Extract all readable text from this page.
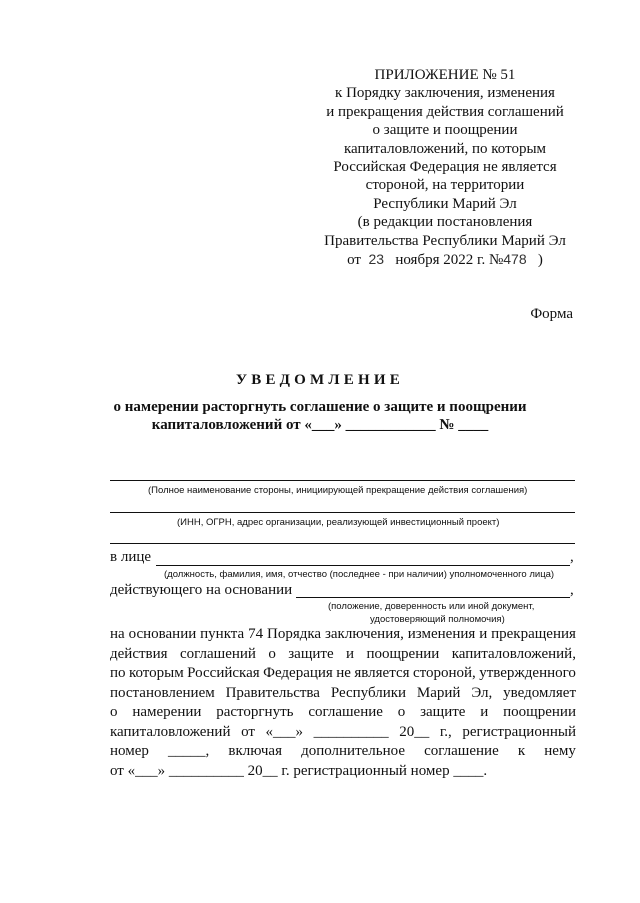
ПРИЛОЖЕНИЕ № 51
к Порядку заключения, изменения
и прекращения действия соглашений
о защите и поощрении
капиталовложений, по которым
Российская Федерация не является
стороной, на территории
Республики Марий Эл
(в редакции постановления
Правительства Республики Марий Эл
от 23 ноября 2022 г. №478 )
Форма
УВЕДОМЛЕНИЕ
о намерении расторгнуть соглашение о защите и поощрении
капиталовложений от «___» ____________ № ____
(Полное наименование стороны, инициирующей прекращение действия соглашения)
(ИНН, ОГРН, адрес организации, реализующей инвестиционный проект)
в лице	,
(должность, фамилия, имя, отчество (последнее - при наличии) уполномоченного лица)
действующего на основании	,
(положение, доверенность или иной документ,
удостоверяющий полномочия)
на основании пункта 74 Порядка заключения, изменения и прекращения
действия соглашений о защите и поощрении капиталовложений,
по которым Российская Федерация не является стороной, утвержденного
постановлением Правительства Республики Марий Эл, уведомляет
о намерении расторгнуть соглашение о защите и поощрении
капиталовложений от «___» __________ 20__ г., регистрационный
номер _____, включая дополнительное соглашение к нему
от «___» __________ 20__ г. регистрационный номер ____.
